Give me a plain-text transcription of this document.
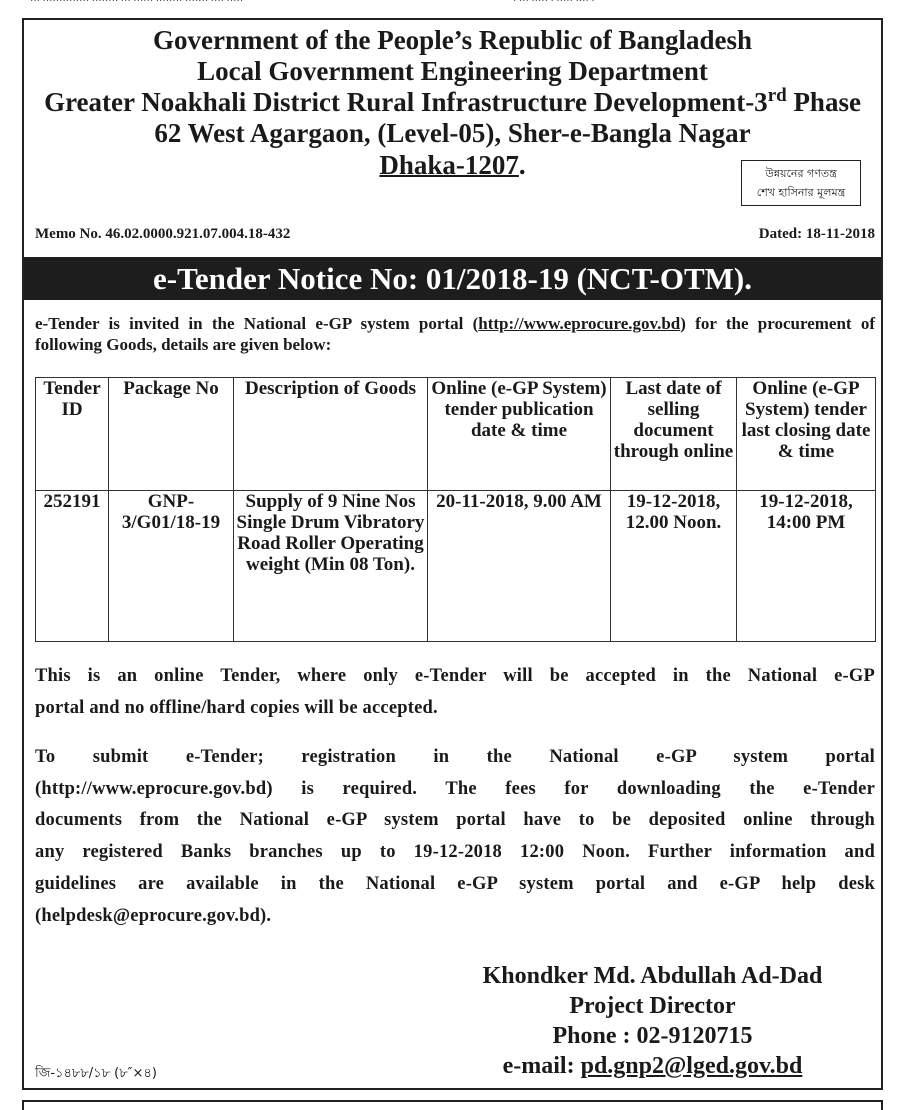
··· ·············· ········ ··· ······ ········ ······· ···· ·····	· ··· ····· · ····· ···· ·
Government of the People’s Republic of Bangladesh
Local Government Engineering Department
Greater Noakhali District Rural Infrastructure Development-3rd Phase
62 West Agargaon, (Level-05), Sher-e-Bangla Nagar
Dhaka-1207.	উন্নয়নের গণতন্ত্র
শেখ হাসিনার মূলমন্ত্র
Memo No. 46.02.0000.921.07.004.18-432	Dated: 18-11-2018
e-Tender Notice No: 01/2018-19 (NCT-OTM).
e-Tender is invited in the National e-GP system portal (http://www.eprocure.gov.bd) for the procurement of following Goods, details are given below:
Tender ID	Package No	Description of Goods	Online (e-GP System) tender publication date & time	Last date of selling document through online	Online (e-GP System) tender last closing date & time
252191	GNP-3/G01/18-19	Supply of 9 Nine Nos Single Drum Vibratory Road Roller Operating weight (Min 08 Ton).	20-11-2018, 9.00 AM	19-12-2018, 12.00 Noon.	19-12-2018, 14:00 PM
This is an online Tender, where only e-Tender will be accepted in the National e-GP
portal and no offline/hard copies will be accepted.
To submit e-Tender; registration in the National e-GP system portal
(http://www.eprocure.gov.bd) is required. The fees for downloading the e-Tender
documents from the National e-GP system portal have to be deposited online through
any registered Banks branches up to 19-12-2018 12:00 Noon. Further information and
guidelines are available in the National e-GP system portal and e-GP help desk
(helpdesk@eprocure.gov.bd).
Khondker Md. Abdullah Ad-Dad
Project Director
Phone : 02-9120715
e-mail: pd.gnp2@lged.gov.bd
জি-১৪৮৮/১৮ (৮″×৪)
